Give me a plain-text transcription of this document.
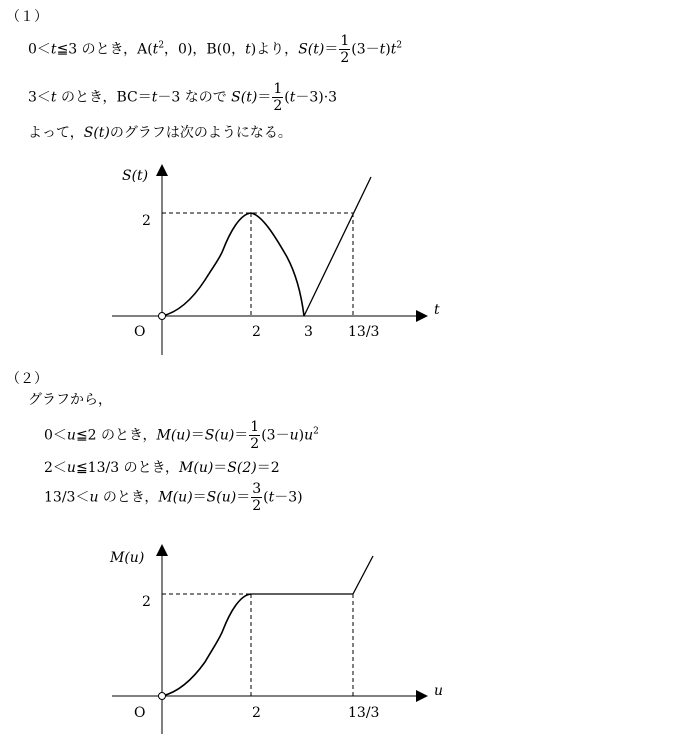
（１）
0＜t≦3 のとき，$A(t^2$，0)，B(0，t)より，$S(t)= \frac{1}{2} (3-t)t^2$
3＜t のとき，BC＝t－3 なので $S(t)= \frac{1}{2} (t-3)\cdot 3$
よって，S(t)のグラフは次のようになる。
（２）
グラフから，
0＜u≦2 のとき，$M(u)=S(u)= \frac{1}{2} (3-u)u^2$
2＜u≦13/3 のとき，M(u)＝S(2)＝2
13/3＜u のとき，$M(u)=S(u)= \frac{3}{2} (t-3)$
S(t)
t
O
2
2	3	13/3
M(u)
u
O
2
2	13/3
